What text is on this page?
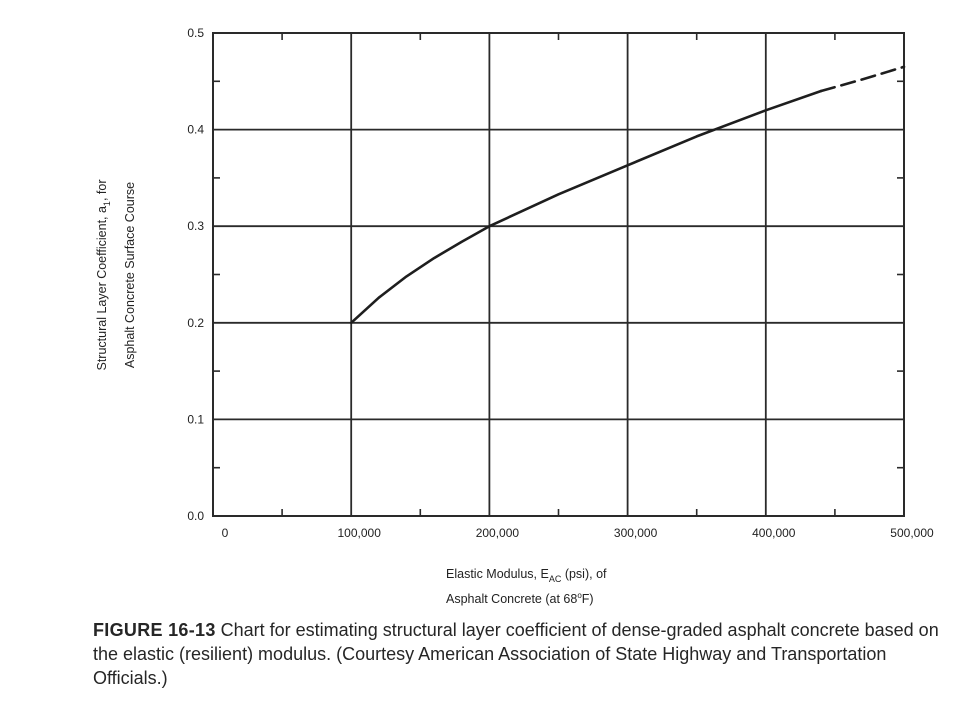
0	100,000	200,000	300,000	400,000	500,000
0.0
0.1
0.2
0.3
0.4
0.5
Elastic Modulus, $E_{AC}$ (psi), of
Asphalt Concrete (at 68$^o$F)
Structural Layer Coefficient, $a_1$, for Asphalt Concrete Surface Course
FIGURE 16-13 Chart for estimating structural layer coefficient of dense-graded asphalt concrete based on the elastic (resilient) modulus. (Courtesy American Association of State Highway and Transportation Officials.)
